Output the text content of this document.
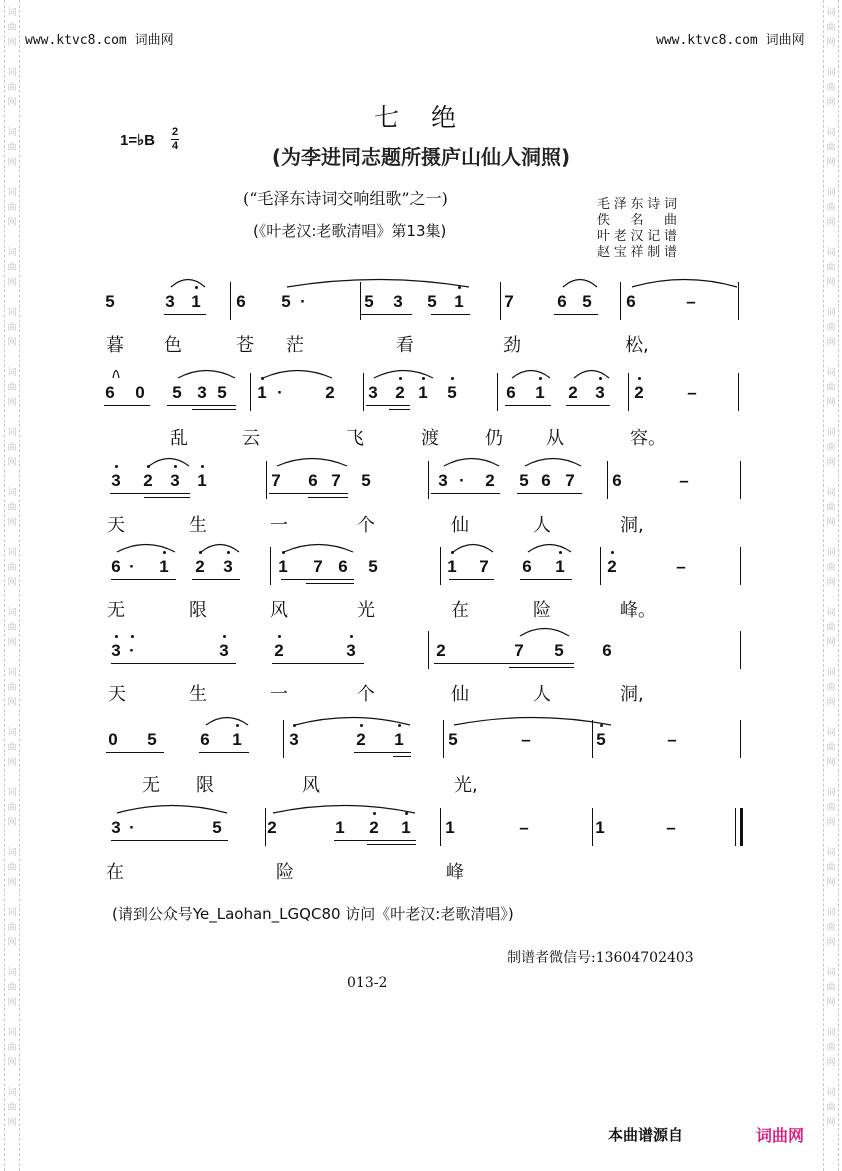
词
曲
网
词
曲
网
词
曲
网
词
曲
网
词
曲
网
词
曲
网
词
曲
网
词
曲
网
词
曲
网
词
曲
网
词
曲
网
词
曲
网
词
曲
网
词
曲
网
词
曲
网
词
曲
网
词
曲
网
词
曲
网
词
曲
网
词
曲
网
词
曲
网
词
曲
网
词
曲
网
词
曲
网
词
曲
网
词
曲
网
词
曲
网
词
曲
网
词
曲
网
词
曲
网
词
曲
网
词
曲
网
词
曲
网
词
曲
网
词
曲
网
词
曲
网
词
曲
网
词
曲
网
www.ktvc8.com 词曲网	www.ktvc8.com 词曲网
七 绝
(为李进同志题所摄庐山仙人洞照)
1=♭B 2
4
(“毛泽东诗词交响组歌”之一)
(《叶老汉:老歌清唱》第13集)
毛泽东诗词
佚 名 曲
叶老汉记谱
赵宝祥制谱
5	3 1 6 5 ·	5 3 5 1 7	6 5 6	–
暮 色	苍 茫	看	劲	松,
6 0 5 3 5 1 ·	2 3 2 1 5	6 1 2 3 2	–
乱	云	飞	渡	仍 从	容。
3 2 3 1	7 6 7 5	3 ·	2 5 6 7 6	–
天	生	一	个	仙	人	洞,
6 ·	1 2 3	1 7 6 5	1 7 6 1	2	–
无	限	风	光	在	险	峰。
3 ·	3	2	3	2	7 5 6
天	生	一	个	仙	人	洞,
0 5	6 1	3	2 1	5	–	5	–
无 限	风	光,
3 ·	5	2	1 2 1 1	–	1	–
在	险	峰
(请到公众号Ye_Laohan_LGQC80 访问《叶老汉:老歌清唱》)
制谱者微信号:13604702403
013-2
本曲谱源自	词曲网
